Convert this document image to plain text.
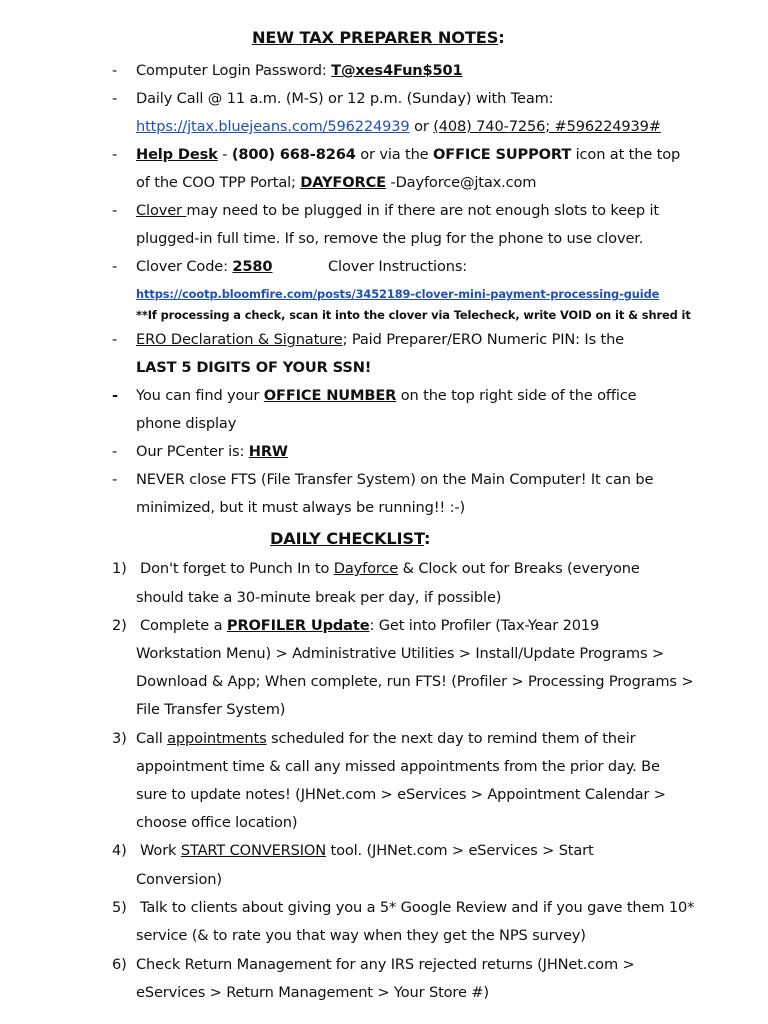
NEW TAX PREPARER NOTES:
- Computer Login Password: T@xes4Fun$501
- Daily Call @ 11 a.m. (M-S) or 12 p.m. (Sunday) with Team:
https://jtax.bluejeans.com/596224939 or (408) 740-7256; #596224939#
- Help Desk - (800) 668-8264 or via the OFFICE SUPPORT icon at the top
of the COO TPP Portal; DAYFORCE -Dayforce@jtax.com
- Clover may need to be plugged in if there are not enough slots to keep it
plugged-in full time. If so, remove the plug for the phone to use clover.
- Clover Code: 2580	Clover Instructions:
https://cootp.bloomfire.com/posts/3452189-clover-mini-payment-processing-guide
**If processing a check, scan it into the clover via Telecheck, write VOID on it & shred it
- ERO Declaration & Signature; Paid Preparer/ERO Numeric PIN: Is the
LAST 5 DIGITS OF YOUR SSN!
- You can find your OFFICE NUMBER on the top right side of the office
phone display
- Our PCenter is: HRW
- NEVER close FTS (File Transfer System) on the Main Computer! It can be
minimized, but it must always be running!! :-)
DAILY CHECKLIST:
1) Don't forget to Punch In to Dayforce & Clock out for Breaks (everyone
should take a 30-minute break per day, if possible)
2) Complete a PROFILER Update: Get into Profiler (Tax-Year 2019
Workstation Menu) > Administrative Utilities > Install/Update Programs >
Download & App; When complete, run FTS! (Profiler > Processing Programs >
File Transfer System)
3) Call appointments scheduled for the next day to remind them of their
appointment time & call any missed appointments from the prior day. Be
sure to update notes! (JHNet.com > eServices > Appointment Calendar >
choose office location)
4) Work START CONVERSION tool. (JHNet.com > eServices > Start
Conversion)
5) Talk to clients about giving you a 5* Google Review and if you gave them 10*
service (& to rate you that way when they get the NPS survey)
6) Check Return Management for any IRS rejected returns (JHNet.com >
eServices > Return Management > Your Store #)
